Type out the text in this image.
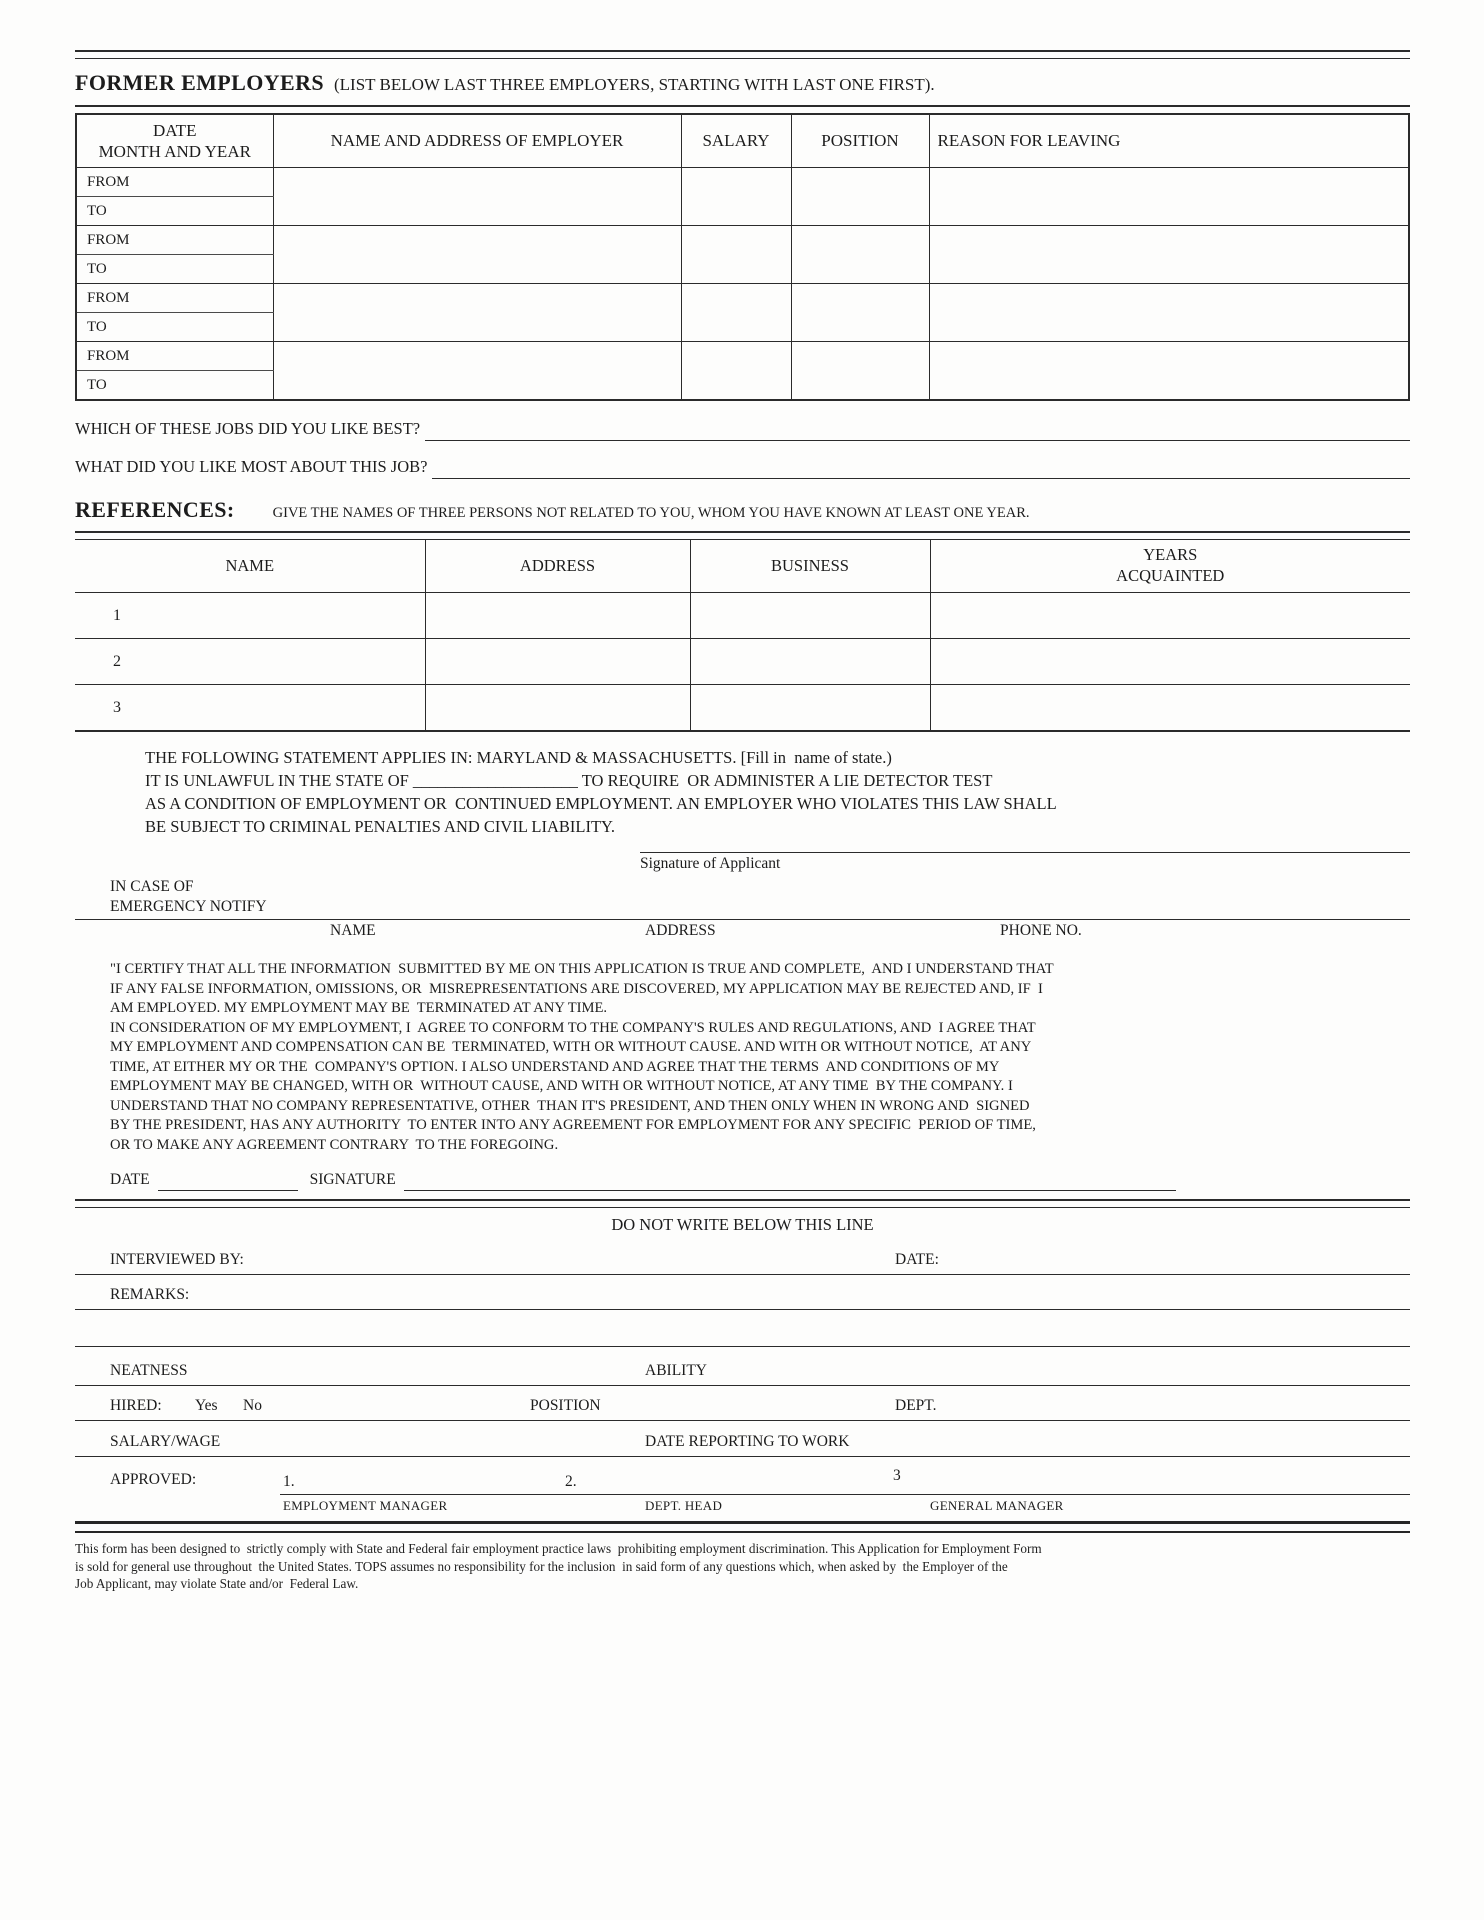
FORMER EMPLOYERS (LIST BELOW LAST THREE EMPLOYERS, STARTING WITH LAST ONE FIRST).
DATE
MONTH AND YEAR	NAME AND ADDRESS OF EMPLOYER	SALARY	POSITION	REASON FOR LEAVING
FROM				
TO				
FROM				
TO				
FROM				
TO				
FROM				
TO				
WHICH OF THESE JOBS DID YOU LIKE BEST?
WHAT DID YOU LIKE MOST ABOUT THIS JOB?
REFERENCES:	GIVE THE NAMES OF THREE PERSONS NOT RELATED TO YOU, WHOM YOU HAVE KNOWN AT LEAST ONE YEAR.
NAME	ADDRESS	BUSINESS	YEARS
ACQUAINTED

1			
2			
3			
THE FOLLOWING STATEMENT APPLIES IN: MARYLAND & MASSACHUSETTS. [Fill in  name of state.)
IT IS UNLAWFUL IN THE STATE OF ____________________ TO REQUIRE  OR ADMINISTER A LIE DETECTOR TEST
AS A CONDITION OF EMPLOYMENT OR  CONTINUED EMPLOYMENT. AN EMPLOYER WHO VIOLATES THIS LAW SHALL
BE SUBJECT TO CRIMINAL PENALTIES AND CIVIL LIABILITY.
Signature of Applicant
IN CASE OF
EMERGENCY NOTIFY
NAME	ADDRESS	PHONE NO.
"I CERTIFY THAT ALL THE INFORMATION  SUBMITTED BY ME ON THIS APPLICATION IS TRUE AND COMPLETE,  AND I UNDERSTAND THAT
IF ANY FALSE INFORMATION, OMISSIONS, OR  MISREPRESENTATIONS ARE DISCOVERED, MY APPLICATION MAY BE REJECTED AND, IF  I
AM EMPLOYED. MY EMPLOYMENT MAY BE  TERMINATED AT ANY TIME.
IN CONSIDERATION OF MY EMPLOYMENT, I  AGREE TO CONFORM TO THE COMPANY'S RULES AND REGULATIONS, AND  I AGREE THAT
MY EMPLOYMENT AND COMPENSATION CAN BE  TERMINATED, WITH OR WITHOUT CAUSE. AND WITH OR WITHOUT NOTICE,  AT ANY
TIME, AT EITHER MY OR THE  COMPANY'S OPTION. I ALSO UNDERSTAND AND AGREE THAT THE TERMS  AND CONDITIONS OF MY
EMPLOYMENT MAY BE CHANGED, WITH OR  WITHOUT CAUSE, AND WITH OR WITHOUT NOTICE, AT ANY TIME  BY THE COMPANY. I
UNDERSTAND THAT NO COMPANY REPRESENTATIVE, OTHER  THAN IT'S PRESIDENT, AND THEN ONLY WHEN IN WRONG AND  SIGNED
BY THE PRESIDENT, HAS ANY AUTHORITY  TO ENTER INTO ANY AGREEMENT FOR EMPLOYMENT FOR ANY SPECIFIC  PERIOD OF TIME,
OR TO MAKE ANY AGREEMENT CONTRARY  TO THE FOREGOING.
DATE	SIGNATURE
DO NOT WRITE BELOW THIS LINE
INTERVIEWED BY:	DATE:
REMARKS:
NEATNESS	ABILITY
HIRED: Yes No	POSITION	DEPT.
SALARY/WAGE	DATE REPORTING TO WORK
APPROVED:	1.	2.	3
EMPLOYMENT MANAGER	DEPT. HEAD	GENERAL MANAGER
This form has been designed to  strictly comply with State and Federal fair employment practice laws  prohibiting employment discrimination. This Application for Employment Form
is sold for general use throughout  the United States. TOPS assumes no responsibility for the inclusion  in said form of any questions which, when asked by  the Employer of the
Job Applicant, may violate State and/or  Federal Law.
